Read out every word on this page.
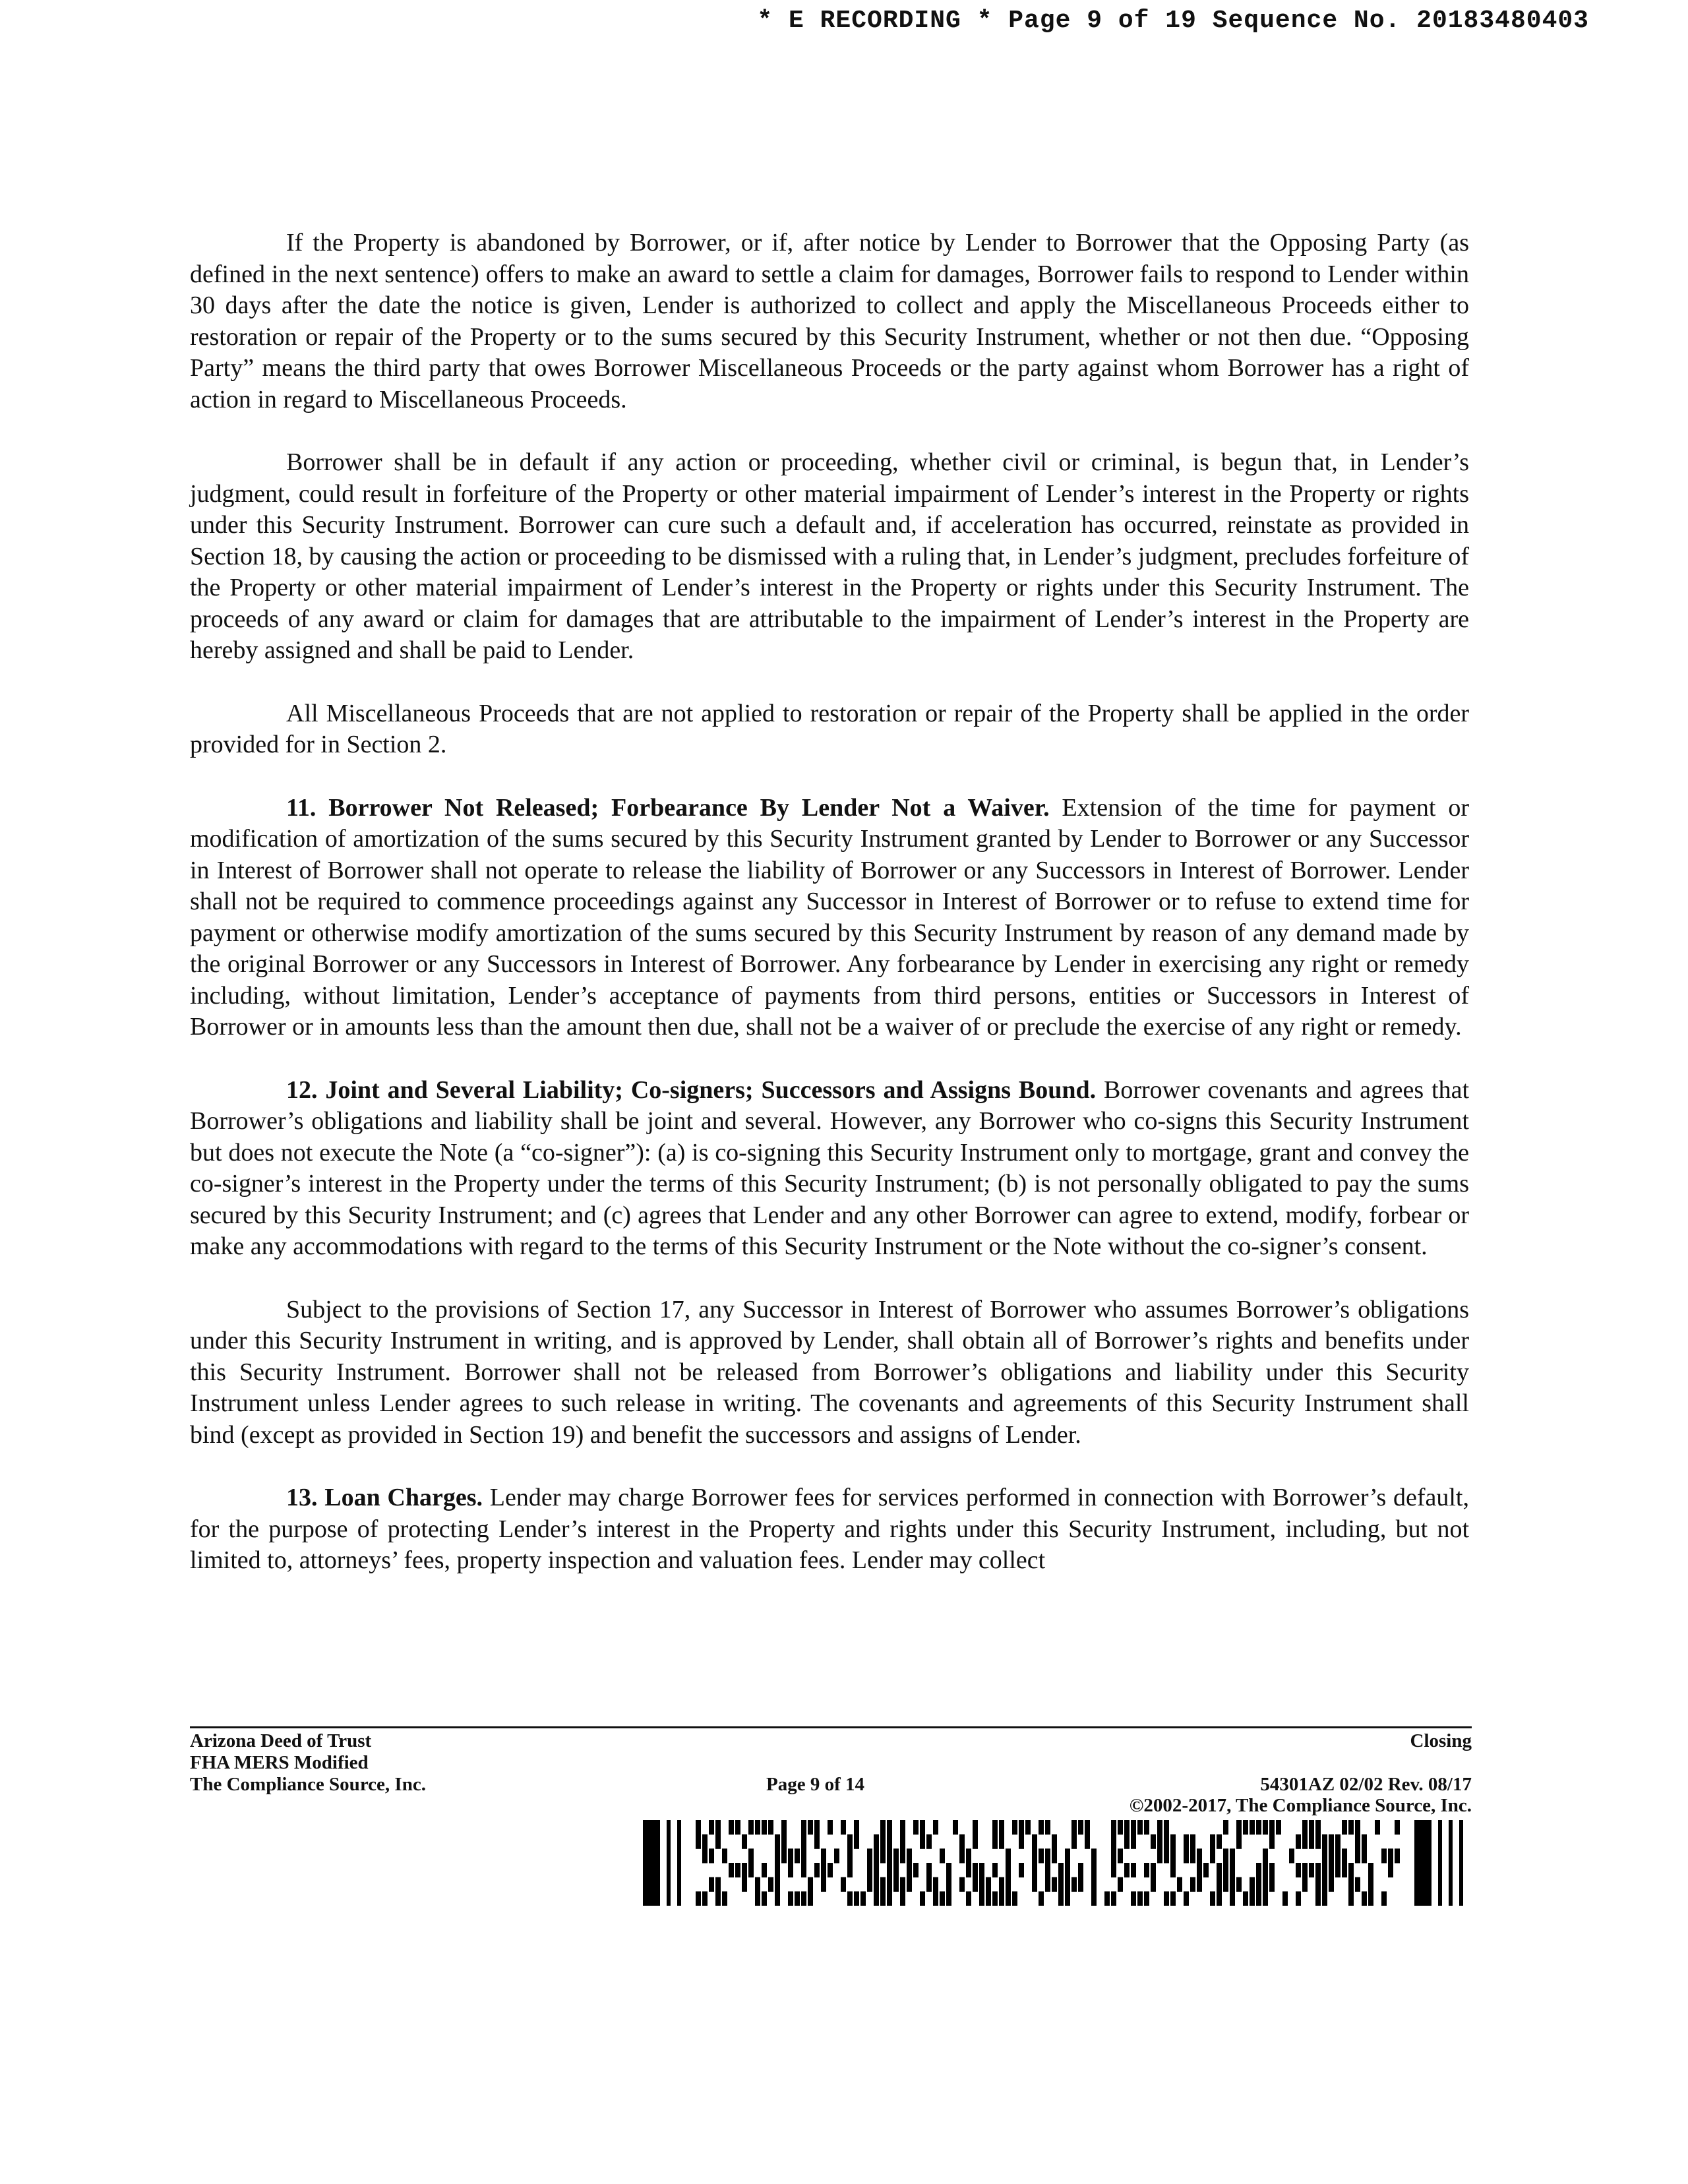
* E RECORDING * Page 9 of 19 Sequence No. 20183480403

If the Property is abandoned by Borrower, or if, after notice by Lender to Borrower that the Opposing Party (as defined in the next sentence) offers to make an award to settle a claim for damages, Borrower fails to respond to Lender within 30 days after the date the notice is given, Lender is authorized to collect and apply the Miscellaneous Proceeds either to restoration or repair of the Property or to the sums secured by this Security Instrument, whether or not then due. “Opposing Party” means the third party that owes Borrower Miscellaneous Proceeds or the party against whom Borrower has a right of action in regard to Miscellaneous Proceeds.

Borrower shall be in default if any action or proceeding, whether civil or criminal, is begun that, in Lender’s judgment, could result in forfeiture of the Property or other material impairment of Lender’s interest in the Property or rights under this Security Instrument. Borrower can cure such a default and, if acceleration has occurred, reinstate as provided in Section 18, by causing the action or proceeding to be dismissed with a ruling that, in Lender’s judgment, precludes forfeiture of the Property or other material impairment of Lender’s interest in the Property or rights under this Security Instrument. The proceeds of any award or claim for damages that are attributable to the impairment of Lender’s interest in the Property are hereby assigned and shall be paid to Lender.

All Miscellaneous Proceeds that are not applied to restoration or repair of the Property shall be applied in the order provided for in Section 2.

11. Borrower Not Released; Forbearance By Lender Not a Waiver. Extension of the time for payment or modification of amortization of the sums secured by this Security Instrument granted by Lender to Borrower or any Successor in Interest of Borrower shall not operate to release the liability of Borrower or any Successors in Interest of Borrower. Lender shall not be required to commence proceedings against any Successor in Interest of Borrower or to refuse to extend time for payment or otherwise modify amortization of the sums secured by this Security Instrument by reason of any demand made by the original Borrower or any Successors in Interest of Borrower. Any forbearance by Lender in exercising any right or remedy including, without limitation, Lender’s acceptance of payments from third persons, entities or Successors in Interest of Borrower or in amounts less than the amount then due, shall not be a waiver of or preclude the exercise of any right or remedy.

12. Joint and Several Liability; Co-signers; Successors and Assigns Bound. Borrower covenants and agrees that Borrower’s obligations and liability shall be joint and several. However, any Borrower who co-signs this Security Instrument but does not execute the Note (a “co-signer”): (a) is co-signing this Security Instrument only to mortgage, grant and convey the co-signer’s interest in the Property under the terms of this Security Instrument; (b) is not personally obligated to pay the sums secured by this Security Instrument; and (c) agrees that Lender and any other Borrower can agree to extend, modify, forbear or make any accommodations with regard to the terms of this Security Instrument or the Note without the co-signer’s consent.

Subject to the provisions of Section 17, any Successor in Interest of Borrower who assumes Borrower’s obligations under this Security Instrument in writing, and is approved by Lender, shall obtain all of Borrower’s rights and benefits under this Security Instrument. Borrower shall not be released from Borrower’s obligations and liability under this Security Instrument unless Lender agrees to such release in writing. The covenants and agreements of this Security Instrument shall bind (except as provided in Section 19) and benefit the successors and assigns of Lender.

13. Loan Charges. Lender may charge Borrower fees for services performed in connection with Borrower’s default, for the purpose of protecting Lender’s interest in the Property and rights under this Security Instrument, including, but not limited to, attorneys’ fees, property inspection and valuation fees. Lender may collect

Arizona Deed of Trust
FHA MERS Modified
The Compliance Source, Inc.
Closing
Page 9 of 14	54301AZ 02/02 Rev. 08/17
©2002-2017, The Compliance Source, Inc.
